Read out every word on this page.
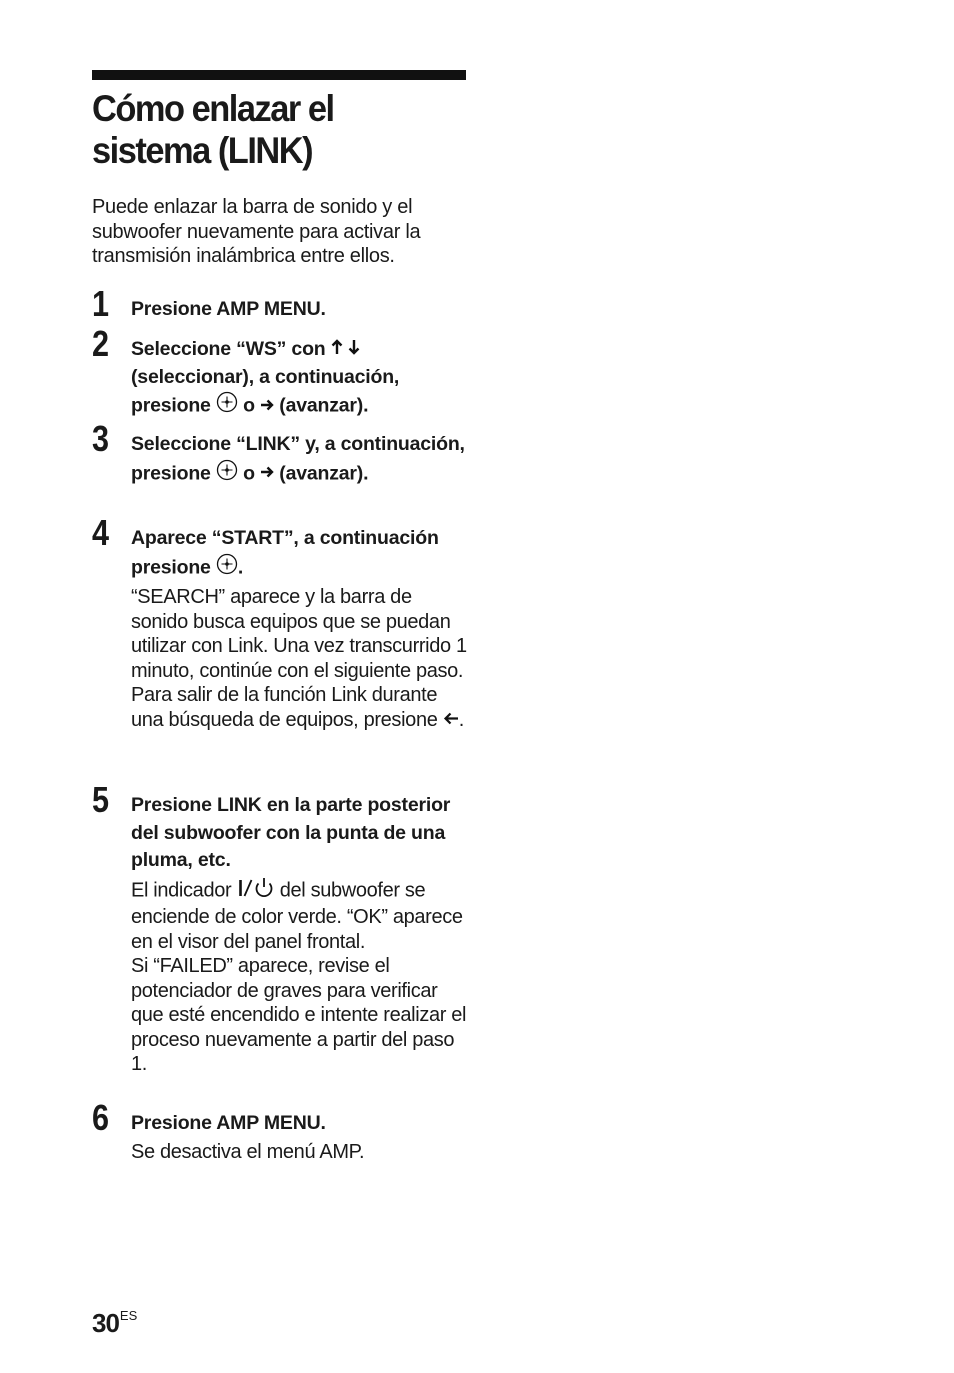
Cómo enlazar el sistema (LINK)
Puede enlazar la barra de sonido y el subwoofer nuevamente para activar la transmisión inalámbrica entre ellos.
1 Presione AMP MENU.
2 Seleccione “WS” con   (seleccionar), a continuación, presione  o  (avanzar).
3 Seleccione “LINK” y, a continuación, presione  o  (avanzar).
4 Aparece “START”, a continuación presione .
“SEARCH” aparece y la barra de sonido busca equipos que se puedan utilizar con Link. Una vez transcurrido 1 minuto, continúe con el siguiente paso.
Para salir de la función Link durante una búsqueda de equipos, presione .
5 Presione LINK en la parte posterior del subwoofer con la punta de una pluma, etc.
El indicador  del subwoofer se enciende de color verde. “OK” aparece en el visor del panel frontal.
Si “FAILED” aparece, revise el potenciador de graves para verificar que esté encendido e intente realizar el proceso nuevamente a partir del paso 1.
6 Presione AMP MENU.
Se desactiva el menú AMP.
$30^{ES}$
